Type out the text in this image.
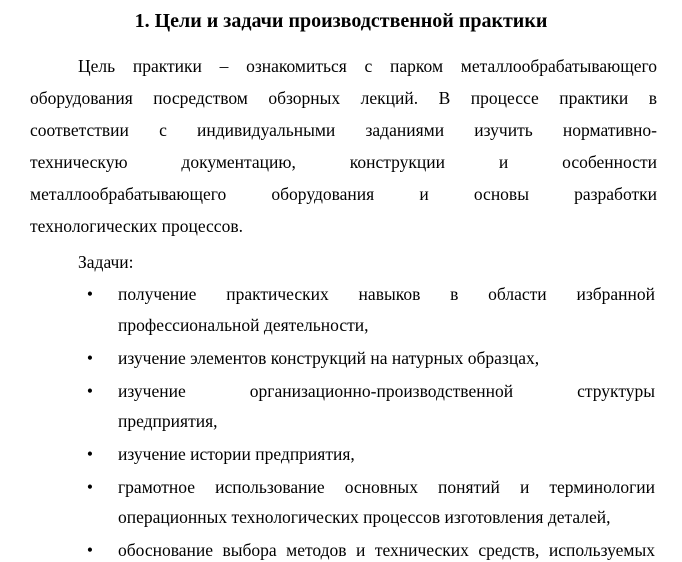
1. Цели и задачи производственной практики
Цель практики – ознакомиться с парком металлообрабатывающего
оборудования посредством обзорных лекций. В процессе практики в
соответствии с индивидуальными заданиями изучить нормативно-
техническую документацию, конструкции и особенности
металлообрабатывающего оборудования и основы разработки
технологических процессов.
Задачи:
• получение практических навыков в области избранной
профессиональной деятельности,
• изучение элементов конструкций на натурных образцах,
• изучение организационно-производственной структуры
предприятия,
• изучение истории предприятия,
• грамотное использование основных понятий и терминологии
операционных технологических процессов изготовления деталей,
• обоснование выбора методов и технических средств, используемых
